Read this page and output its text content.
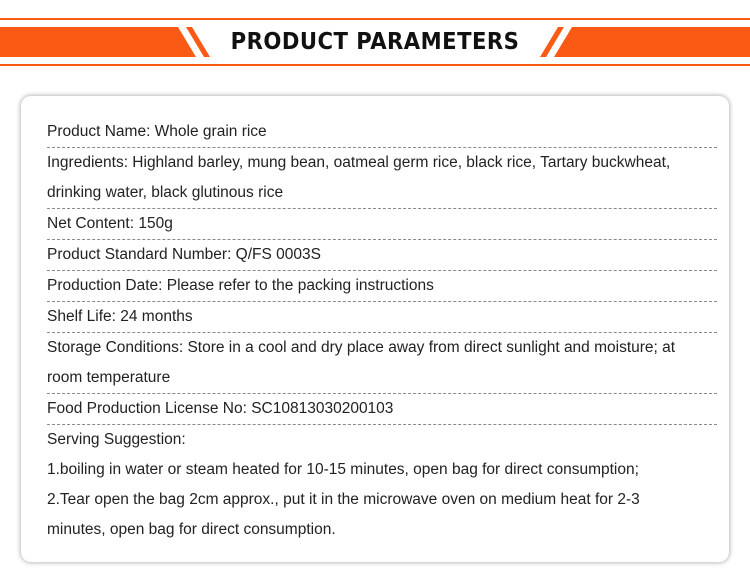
PRODUCT PARAMETERS
Product Name: Whole grain rice
Ingredients: Highland barley, mung bean, oatmeal germ rice, black rice, Tartary buckwheat,
drinking water, black glutinous rice
Net Content: 150g
Product Standard Number: Q/FS 0003S
Production Date: Please refer to the packing instructions
Shelf Life: 24 months
Storage Conditions: Store in a cool and dry place away from direct sunlight and moisture; at
room temperature
Food Production License No: SC10813030200103
Serving Suggestion:
1.boiling in water or steam heated for 10-15 minutes, open bag for direct consumption;
2.Tear open the bag 2cm approx., put it in the microwave oven on medium heat for 2-3
minutes, open bag for direct consumption.
